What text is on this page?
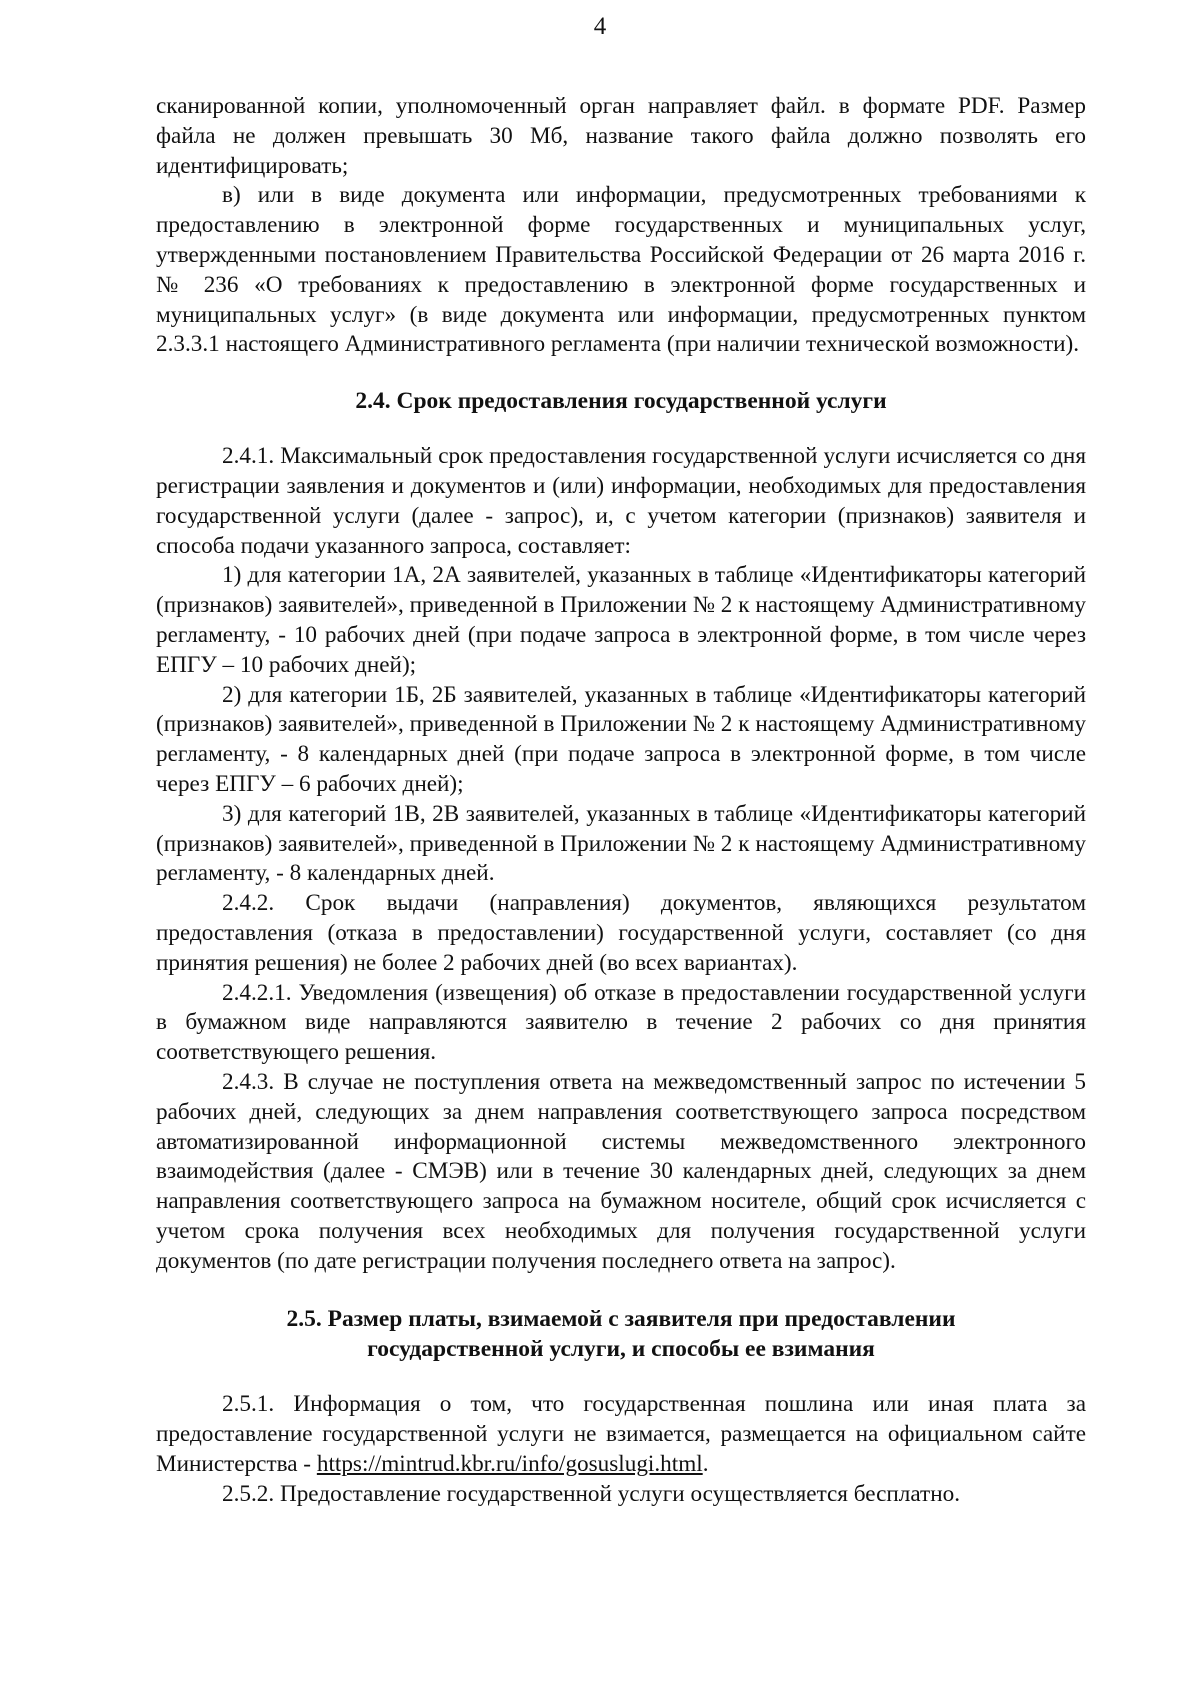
4

сканированной копии, уполномоченный орган направляет файл. в формате PDF. Размер файла не должен превышать 30 Мб, название такого файла должно позволять его идентифицировать;

в) или в виде документа или информации, предусмотренных требованиями к предоставлению в электронной форме государственных и муниципальных услуг, утвержденными постановлением Правительства Российской Федерации от 26 марта 2016 г. № 236 «О требованиях к предоставлению в электронной форме государственных и муниципальных услуг» (в виде документа или информации, предусмотренных пунктом 2.3.3.1 настоящего Административного регламента (при наличии технической возможности).

2.4. Срок предоставления государственной услуги

2.4.1. Максимальный срок предоставления государственной услуги исчисляется со дня регистрации заявления и документов и (или) информации, необходимых для предоставления государственной услуги (далее - запрос), и, с учетом категории (признаков) заявителя и способа подачи указанного запроса, составляет:

1) для категории 1А, 2А заявителей, указанных в таблице «Идентификаторы категорий (признаков) заявителей», приведенной в Приложении № 2 к настоящему Административному регламенту, - 10 рабочих дней (при подаче запроса в электронной форме, в том числе через ЕПГУ – 10 рабочих дней);

2) для категории 1Б, 2Б заявителей, указанных в таблице «Идентификаторы категорий (признаков) заявителей», приведенной в Приложении № 2 к настоящему Административному регламенту, - 8 календарных дней (при подаче запроса в электронной форме, в том числе через ЕПГУ – 6 рабочих дней);

3) для категорий 1В, 2В заявителей, указанных в таблице «Идентификаторы категорий (признаков) заявителей», приведенной в Приложении № 2 к настоящему Административному регламенту, - 8 календарных дней.

2.4.2. Срок выдачи (направления) документов, являющихся результатом предоставления (отказа в предоставлении) государственной услуги, составляет (со дня принятия решения) не более 2 рабочих дней (во всех вариантах).

2.4.2.1. Уведомления (извещения) об отказе в предоставлении государственной услуги в бумажном виде направляются заявителю в течение 2 рабочих со дня принятия соответствующего решения.

2.4.3. В случае не поступления ответа на межведомственный запрос по истечении 5 рабочих дней, следующих за днем направления соответствующего запроса посредством автоматизированной информационной системы межведомственного электронного взаимодействия (далее - СМЭВ) или в течение 30 календарных дней, следующих за днем направления соответствующего запроса на бумажном носителе, общий срок исчисляется с учетом срока получения всех необходимых для получения государственной услуги документов (по дате регистрации получения последнего ответа на запрос).

2.5. Размер платы, взимаемой с заявителя при предоставлении
государственной услуги, и способы ее взимания

2.5.1. Информация о том, что государственная пошлина или иная плата за предоставление государственной услуги не взимается, размещается на официальном сайте Министерства - https://mintrud.kbr.ru/info/gosuslugi.html.

2.5.2. Предоставление государственной услуги осуществляется бесплатно.
